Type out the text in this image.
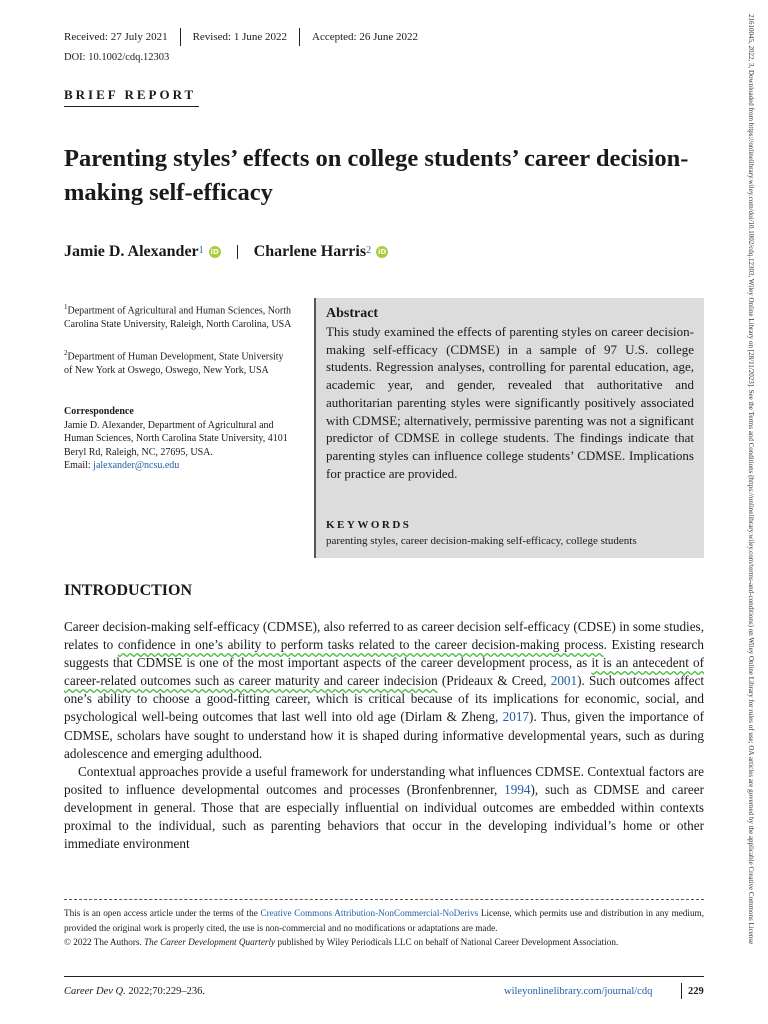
Received: 27 July 2021 Revised: 1 June 2022 Accepted: 26 June 2022
DOI: 10.1002/cdq.12303
BRIEF REPORT
Parenting styles’ effects on college students’ career decision-making self-efficacy
Jamie D. Alexander$^1$ iD Charlene Harris$^2$ iD
$^1$Department of Agricultural and Human Sciences, North Carolina State University, Raleigh, North Carolina, USA
$^2$Department of Human Development, State University of New York at Oswego, Oswego, New York, USA
Correspondence
Jamie D. Alexander, Department of Agricultural and Human Sciences, North Carolina State University, 4101 Beryl Rd, Raleigh, NC, 27695, USA.
Email: jalexander@ncsu.edu
Abstract

This study examined the effects of parenting styles on career decision-making self-efficacy (CDMSE) in a sample of 97 U.S. college students. Regression analyses, controlling for parental education, age, academic year, and gender, revealed that authoritative and authoritarian parenting styles were significantly positively associated with CDMSE; alternatively, permissive parenting was not a significant predictor of CDMSE in college students. The findings indicate that parenting styles can influence college students’ CDMSE. Implications for practice are provided.

KEYWORDS
parenting styles, career decision-making self-efficacy, college students
INTRODUCTION

Career decision-making self-efficacy (CDMSE), also referred to as career decision self-efficacy (CDSE) in some studies, relates to confidence in one’s ability to perform tasks related to the career decision-making process. Existing research suggests that CDMSE is one of the most important aspects of the career development process, as it is an antecedent of career-related outcomes such as career maturity and career indecision (Prideaux & Creed, 2001). Such outcomes affect one’s ability to choose a good-fitting career, which is critical because of its implications for economic, social, and psychological well-being outcomes that last well into old age (Dirlam & Zheng, 2017). Thus, given the importance of CDMSE, scholars have sought to understand how it is shaped during informative developmental years, such as during adolescence and emerging adulthood.

Contextual approaches provide a useful framework for understanding what influences CDMSE. Contextual factors are posited to influence developmental outcomes and processes (Bronfenbrenner, 1994), such as CDMSE and career development in general. Those that are especially influential on individual outcomes are embedded within contexts proximal to the individual, such as parenting behaviors that occur in the developing individual’s home or other immediate environment

This is an open access article under the terms of the Creative Commons Attribution-NonCommercial-NoDerivs License, which permits use and distribution in any medium, provided the original work is properly cited, the use is non-commercial and no modifications or adaptations are made.

© 2022 The Authors. The Career Development Quarterly published by Wiley Periodicals LLC on behalf of National Career Development Association.

Career Dev Q. 2022;70:229–236.	wileyonlinelibrary.com/journal/cdq	229
21610045, 2022, 3, Downloaded from https://onlinelibrary.wiley.com/doi/10.1002/cdq.12303, Wiley Online Library on [28/11/2023]. See the Terms and Conditions (https://onlinelibrary.wiley.com/terms-and-conditions) on Wiley Online Library for rules of use; OA articles are governed by the applicable Creative Commons License
